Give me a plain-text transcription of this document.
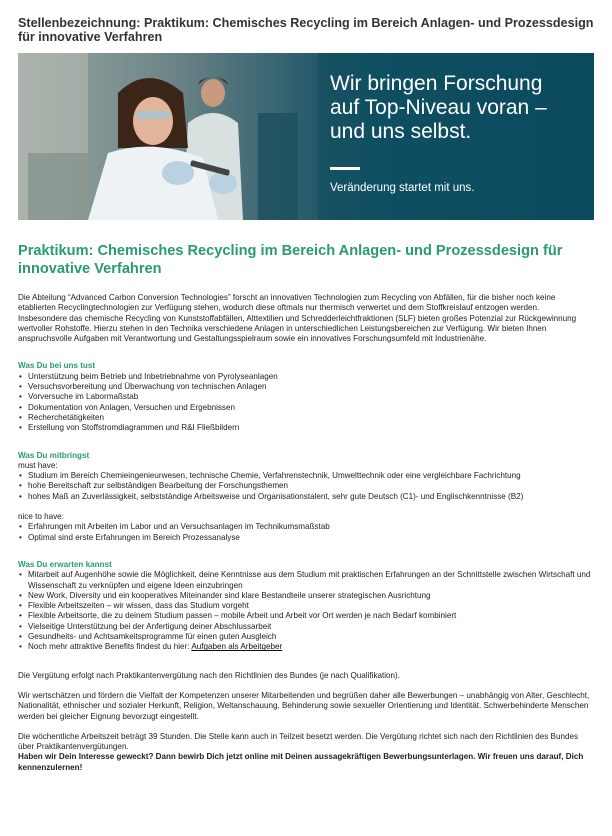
Stellenbezeichnung: Praktikum: Chemisches Recycling im Bereich Anlagen- und Prozessdesign für innovative Verfahren
Wir bringen Forschung
auf Top-Niveau voran –
und uns selbst.
Veränderung startet mit uns.
Praktikum: Chemisches Recycling im Bereich Anlagen- und Prozessdesign für innovative Verfahren

Die Abteilung “Advanced Carbon Conversion Technologies” forscht an innovativen Technologien zum Recycling von Abfällen, für die bisher noch keine etablierten Recyclingtechnologien zur Verfügung stehen, wodurch diese oftmals nur thermisch verwertet und dem Stoffkreislauf entzogen werden.

Insbesondere das chemische Recycling von Kunststoffabfällen, Alttextilien und Schredderleichtfraktionen (SLF) bieten großes Potenzial zur Rückgewinnung wertvoller Rohstoffe. Hierzu stehen in den Technika verschiedene Anlagen in unterschiedlichen Leistungsbereichen zur Verfügung. Wir bieten Ihnen anspruchsvolle Aufgaben mit Verantwortung und Gestaltungsspielraum sowie ein innovatives Forschungsumfeld mit Industrienähe.

Was Du bei uns tust

• Unterstützung beim Betrieb und Inbetriebnahme von Pyrolyseanlagen
• Versuchsvorbereitung und Überwachung von technischen Anlagen
• Vorversuche im Labormaßstab
• Dokumentation von Anlagen, Versuchen und Ergebnissen
• Recherchetätigkeiten
• Erstellung von Stoffstromdiagrammen und R&I Fließbildern

Was Du mitbringst

must have:

• Studium im Bereich Chemieingenieurwesen, technische Chemie, Verfahrenstechnik, Umwelttechnik oder eine vergleichbare Fachrichtung
• hohe Bereitschaft zur selbständigen Bearbeitung der Forschungsthemen
• hohes Maß an Zuverlässigkeit, selbstständige Arbeitsweise und Organisationstalent, sehr gute Deutsch (C1)- und Englischkenntnisse (B2)

nice to have:

• Erfahrungen mit Arbeiten im Labor und an Versuchsanlagen im Technikumsmaßstab
• Optimal sind erste Erfahrungen im Bereich Prozessanalyse

Was Du erwarten kannst

• Mitarbeit auf Augenhöhe sowie die Möglichkeit, deine Kenntnisse aus dem Studium mit praktischen Erfahrungen an der Schnittstelle zwischen Wirtschaft und Wissenschaft zu verknüpfen und eigene Ideen einzubringen
• New Work, Diversity und ein kooperatives Miteinander sind klare Bestandteile unserer strategischen Ausrichtung
• Flexible Arbeitszeiten – wir wissen, dass das Studium vorgeht
• Flexible Arbeitsorte, die zu deinem Studium passen – mobile Arbeit und Arbeit vor Ort werden je nach Bedarf kombiniert
• Vielseitige Unterstützung bei der Anfertigung deiner Abschlussarbeit
• Gesundheits- und Achtsamkeitsprogramme für einen guten Ausgleich
• Noch mehr attraktive Benefits findest du hier: Aufgaben als Arbeitgeber

Die Vergütung erfolgt nach Praktikantenvergütung nach den Richtlinien des Bundes (je nach Qualifikation).

Wir wertschätzen und fördern die Vielfalt der Kompetenzen unserer Mitarbeitenden und begrüßen daher alle Bewerbungen – unabhängig von Alter, Geschlecht, Nationalität, ethnischer und sozialer Herkunft, Religion, Weltanschauung, Behinderung sowie sexueller Orientierung und Identität. Schwerbehinderte Menschen werden bei gleicher Eignung bevorzugt eingestellt.

Die wöchentliche Arbeitszeit beträgt 39 Stunden. Die Stelle kann auch in Teilzeit besetzt werden. Die Vergütung richtet sich nach den Richtlinien des Bundes über Praktikantenvergütungen.

Haben wir Dein Interesse geweckt? Dann bewirb Dich jetzt online mit Deinen aussagekräftigen Bewerbungsunterlagen. Wir freuen uns darauf, Dich kennenzulernen!
